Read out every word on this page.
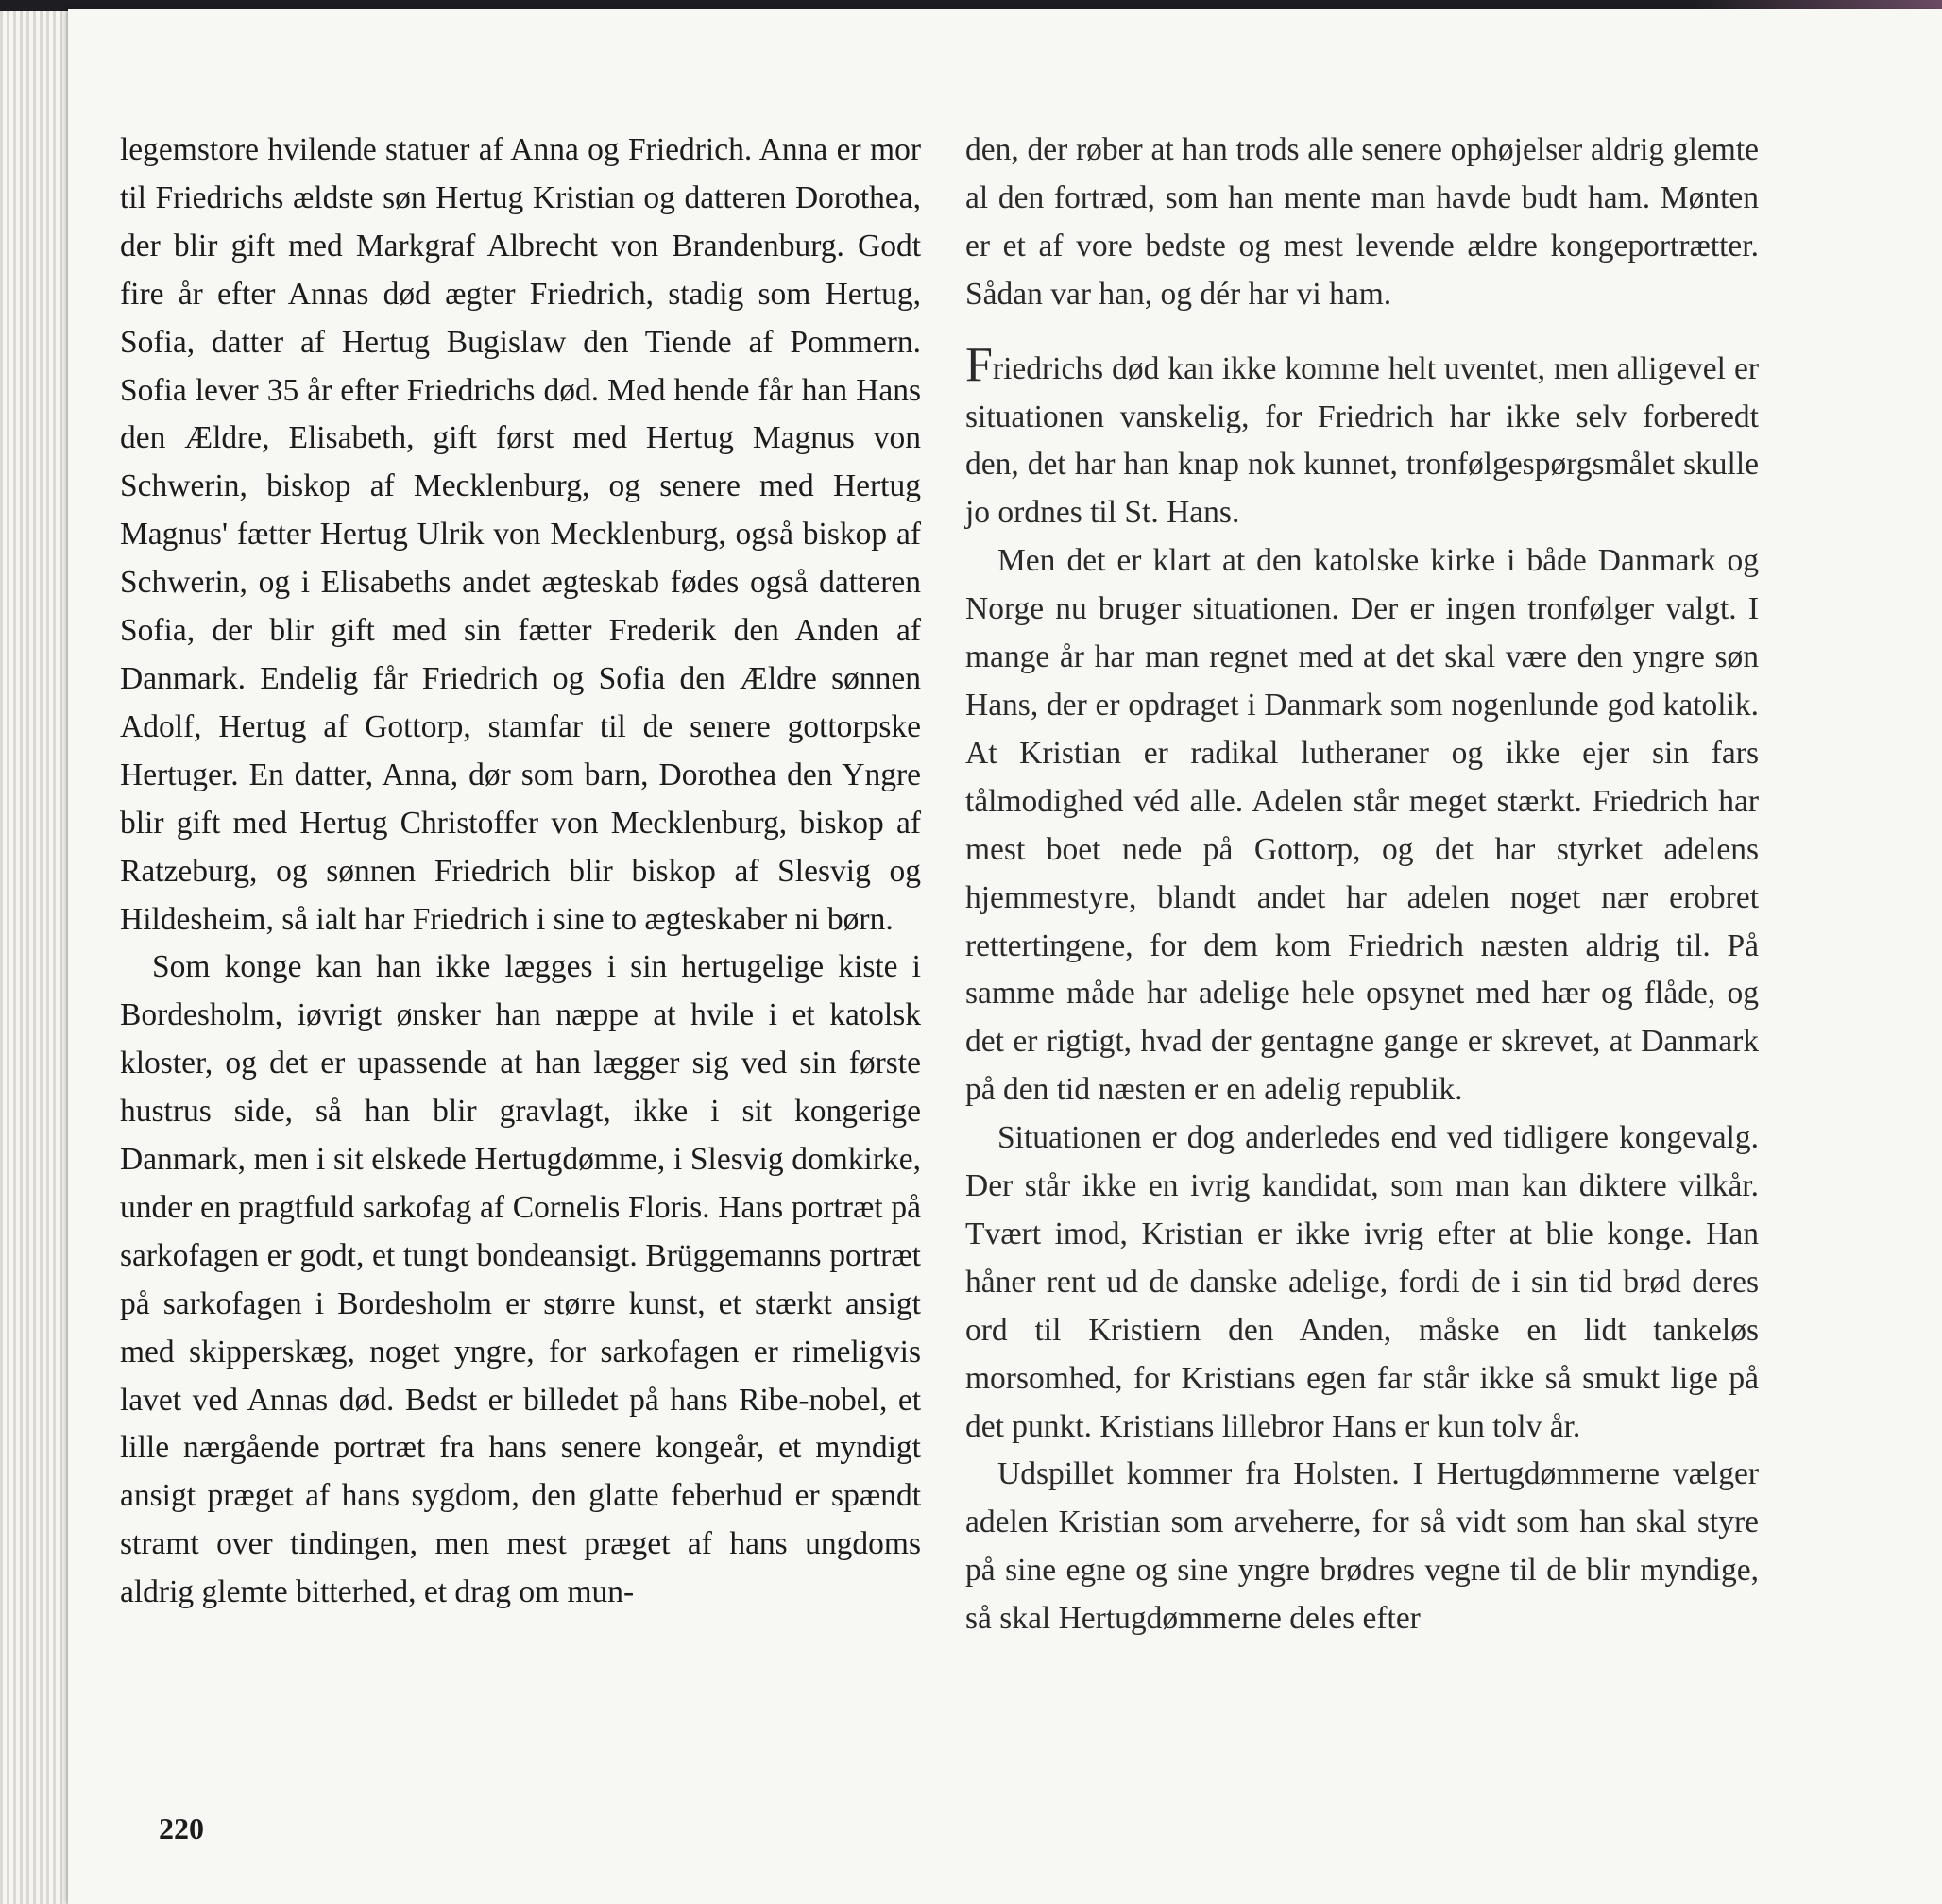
legemstore hvilende statuer af Anna og Friedrich. Anna er mor til Friedrichs ældste søn Hertug Kristian og datteren Dorothea, der blir gift med Markgraf Albrecht von Brandenburg. Godt fire år efter Annas død ægter Friedrich, stadig som Hertug, Sofia, datter af Hertug Bugislaw den Tiende af Pommern. Sofia lever 35 år efter Friedrichs død. Med hende får han Hans den Ældre, Elisabeth, gift først med Hertug Magnus von Schwerin, biskop af Mecklenburg, og senere med Hertug Magnus' fætter Hertug Ulrik von Mecklenburg, også biskop af Schwerin, og i Elisabeths andet ægteskab fødes også datteren Sofia, der blir gift med sin fætter Frederik den Anden af Danmark. Endelig får Friedrich og Sofia den Ældre sønnen Adolf, Hertug af Gottorp, stamfar til de senere gottorpske Hertuger. En datter, Anna, dør som barn, Dorothea den Yngre blir gift med Hertug Christoffer von Mecklenburg, biskop af Ratzeburg, og sønnen Friedrich blir biskop af Slesvig og Hildesheim, så ialt har Friedrich i sine to ægteskaber ni børn.

Som konge kan han ikke lægges i sin hertugelige kiste i Bordesholm, iøvrigt ønsker han næppe at hvile i et katolsk kloster, og det er upassende at han lægger sig ved sin første hustrus side, så han blir gravlagt, ikke i sit kongerige Danmark, men i sit elskede Hertugdømme, i Slesvig domkirke, under en pragtfuld sarkofag af Cornelis Floris. Hans portræt på sarkofagen er godt, et tungt bondeansigt. Brüggemanns portræt på sarkofagen i Bordesholm er større kunst, et stærkt ansigt med skipperskæg, noget yngre, for sarkofagen er rimeligvis lavet ved Annas død. Bedst er billedet på hans Ribe-nobel, et lille nærgående portræt fra hans senere kongeår, et myndigt ansigt præget af hans sygdom, den glatte feberhud er spændt stramt over tindingen, men mest præget af hans ungdoms aldrig glemte bitterhed, et drag om mun-

den, der røber at han trods alle senere ophøjelser aldrig glemte al den fortræd, som han mente man havde budt ham. Mønten er et af vore bedste og mest levende ældre kongeportrætter. Sådan var han, og dér har vi ham.

Friedrichs død kan ikke komme helt uventet, men alligevel er situationen vanskelig, for Friedrich har ikke selv forberedt den, det har han knap nok kunnet, tronfølgespørgsmålet skulle jo ordnes til St. Hans.

Men det er klart at den katolske kirke i både Danmark og Norge nu bruger situationen. Der er ingen tronfølger valgt. I mange år har man regnet med at det skal være den yngre søn Hans, der er opdraget i Danmark som nogenlunde god katolik. At Kristian er radikal lutheraner og ikke ejer sin fars tålmodighed véd alle. Adelen står meget stærkt. Friedrich har mest boet nede på Gottorp, og det har styrket adelens hjemmestyre, blandt andet har adelen noget nær erobret rettertingene, for dem kom Friedrich næsten aldrig til. På samme måde har adelige hele opsynet med hær og flåde, og det er rigtigt, hvad der gentagne gange er skrevet, at Danmark på den tid næsten er en adelig republik.

Situationen er dog anderledes end ved tidligere kongevalg. Der står ikke en ivrig kandidat, som man kan diktere vilkår. Tvært imod, Kristian er ikke ivrig efter at blie konge. Han håner rent ud de danske adelige, fordi de i sin tid brød deres ord til Kristiern den Anden, måske en lidt tankeløs morsomhed, for Kristians egen far står ikke så smukt lige på det punkt. Kristians lillebror Hans er kun tolv år.

Udspillet kommer fra Holsten. I Hertugdømmerne vælger adelen Kristian som arveherre, for så vidt som han skal styre på sine egne og sine yngre brødres vegne til de blir myndige, så skal Hertugdømmerne deles efter

220
